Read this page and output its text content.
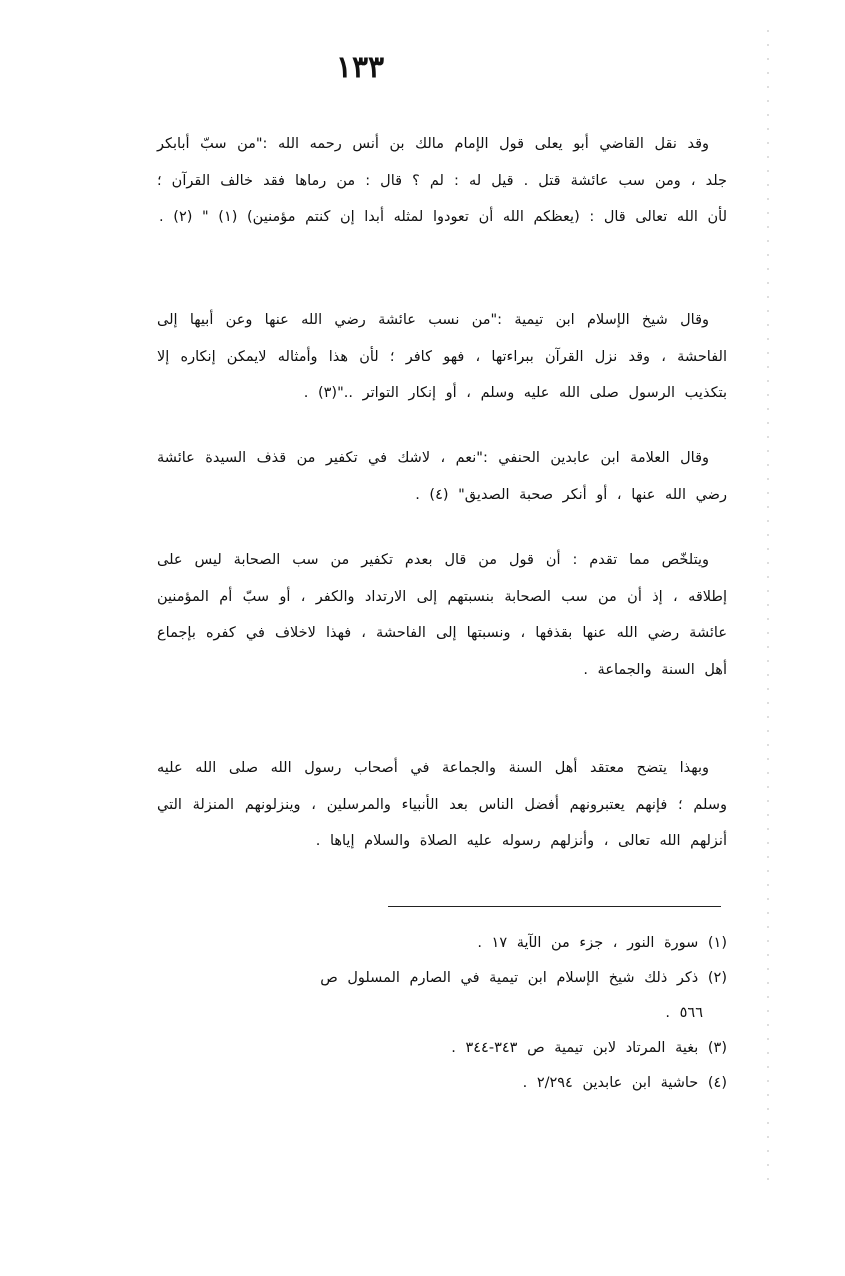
١٣٣

وقد نقل القاضي أبو يعلى قول الإمام مالك بن أنس رحمه الله :"من سبّ أبابكر جلد ، ومن سب عائشة قتل . قيل له : لم ؟ قال : من رماها فقد خالف القرآن ؛ لأن الله تعالى قال : (يعظكم الله أن تعودوا لمثله أبدا إن كنتم مؤمنين) (١) " (٢) .

وقال شيخ الإسلام ابن تيمية :"من نسب عائشة رضي الله عنها وعن أبيها إلى الفاحشة ، وقد نزل القرآن ببراءتها ، فهو كافر ؛ لأن هذا وأمثاله لايمكن إنكاره إلا بتكذيب الرسول صلى الله عليه وسلم ، أو إنكار التواتر .."(٣) .

وقال العلامة ابن عابدين الحنفي :"نعم ، لاشك في تكفير من قذف السيدة عائشة رضي الله عنها ، أو أنكر صحبة الصديق" (٤) .

ويتلخّص مما تقدم : أن قول من قال بعدم تكفير من سب الصحابة ليس على إطلاقه ، إذ أن من سب الصحابة بنسبتهم إلى الارتداد والكفر ، أو سبّ أم المؤمنين عائشة رضي الله عنها بقذفها ، ونسبتها إلى الفاحشة ، فهذا لاخلاف في كفره بإجماع أهل السنة والجماعة .

وبهذا يتضح معتقد أهل السنة والجماعة في أصحاب رسول الله صلى الله عليه وسلم ؛ فإنهم يعتبرونهم أفضل الناس بعد الأنبياء والمرسلين ، وينزلونهم المنزلة التي أنزلهم الله تعالى ، وأنزلهم رسوله عليه الصلاة والسلام إياها .

(١) سورة النور ، جزء من الآية ١٧ .

(٢) ذكر ذلك شيخ الإسلام ابن تيمية في الصارم المسلول ص

٥٦٦ .

(٣) بغية المرتاد لابن تيمية ص ٣٤٣-٣٤٤ .

(٤) حاشية ابن عابدين ٢/٢٩٤ .
